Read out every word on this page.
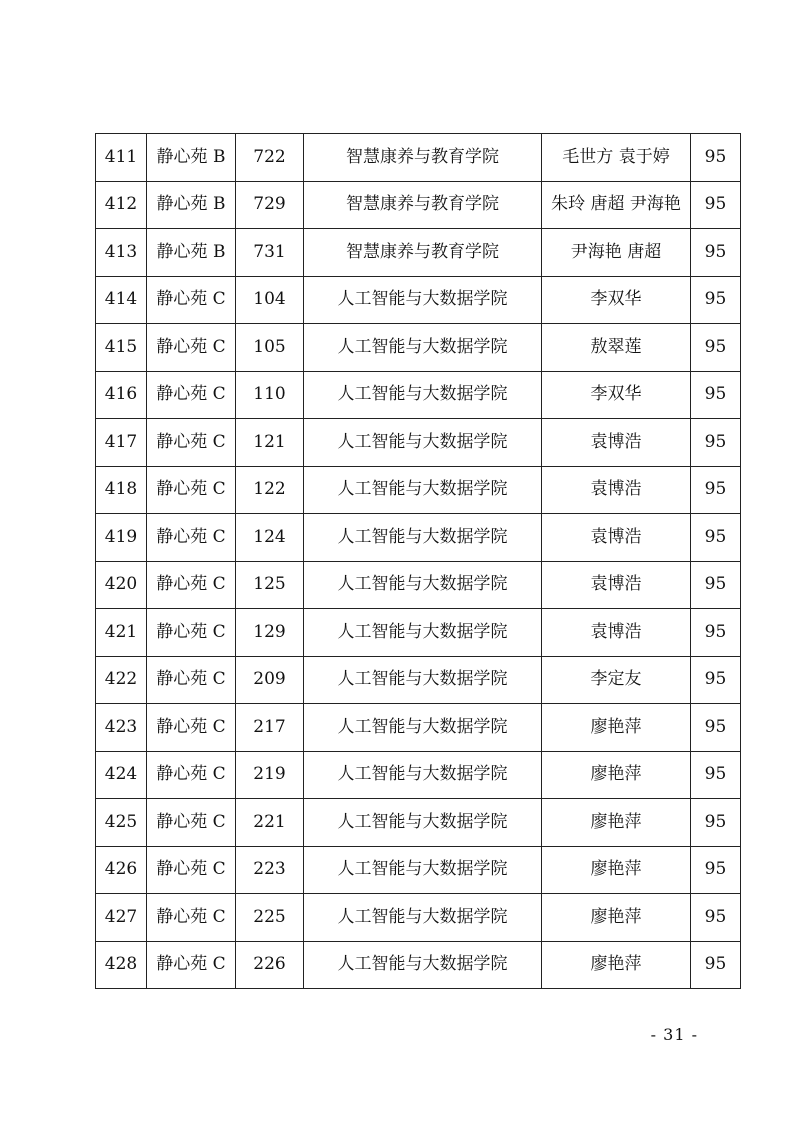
411	静心苑 B	722	智慧康养与教育学院	毛世方 袁于婷	95
412	静心苑 B	729	智慧康养与教育学院	朱玲 唐超 尹海艳	95
413	静心苑 B	731	智慧康养与教育学院	尹海艳 唐超	95
414	静心苑 C	104	人工智能与大数据学院	李双华	95
415	静心苑 C	105	人工智能与大数据学院	敖翠莲	95
416	静心苑 C	110	人工智能与大数据学院	李双华	95
417	静心苑 C	121	人工智能与大数据学院	袁博浩	95
418	静心苑 C	122	人工智能与大数据学院	袁博浩	95
419	静心苑 C	124	人工智能与大数据学院	袁博浩	95
420	静心苑 C	125	人工智能与大数据学院	袁博浩	95
421	静心苑 C	129	人工智能与大数据学院	袁博浩	95
422	静心苑 C	209	人工智能与大数据学院	李定友	95
423	静心苑 C	217	人工智能与大数据学院	廖艳萍	95
424	静心苑 C	219	人工智能与大数据学院	廖艳萍	95
425	静心苑 C	221	人工智能与大数据学院	廖艳萍	95
426	静心苑 C	223	人工智能与大数据学院	廖艳萍	95
427	静心苑 C	225	人工智能与大数据学院	廖艳萍	95
428	静心苑 C	226	人工智能与大数据学院	廖艳萍	95
- 31 -
